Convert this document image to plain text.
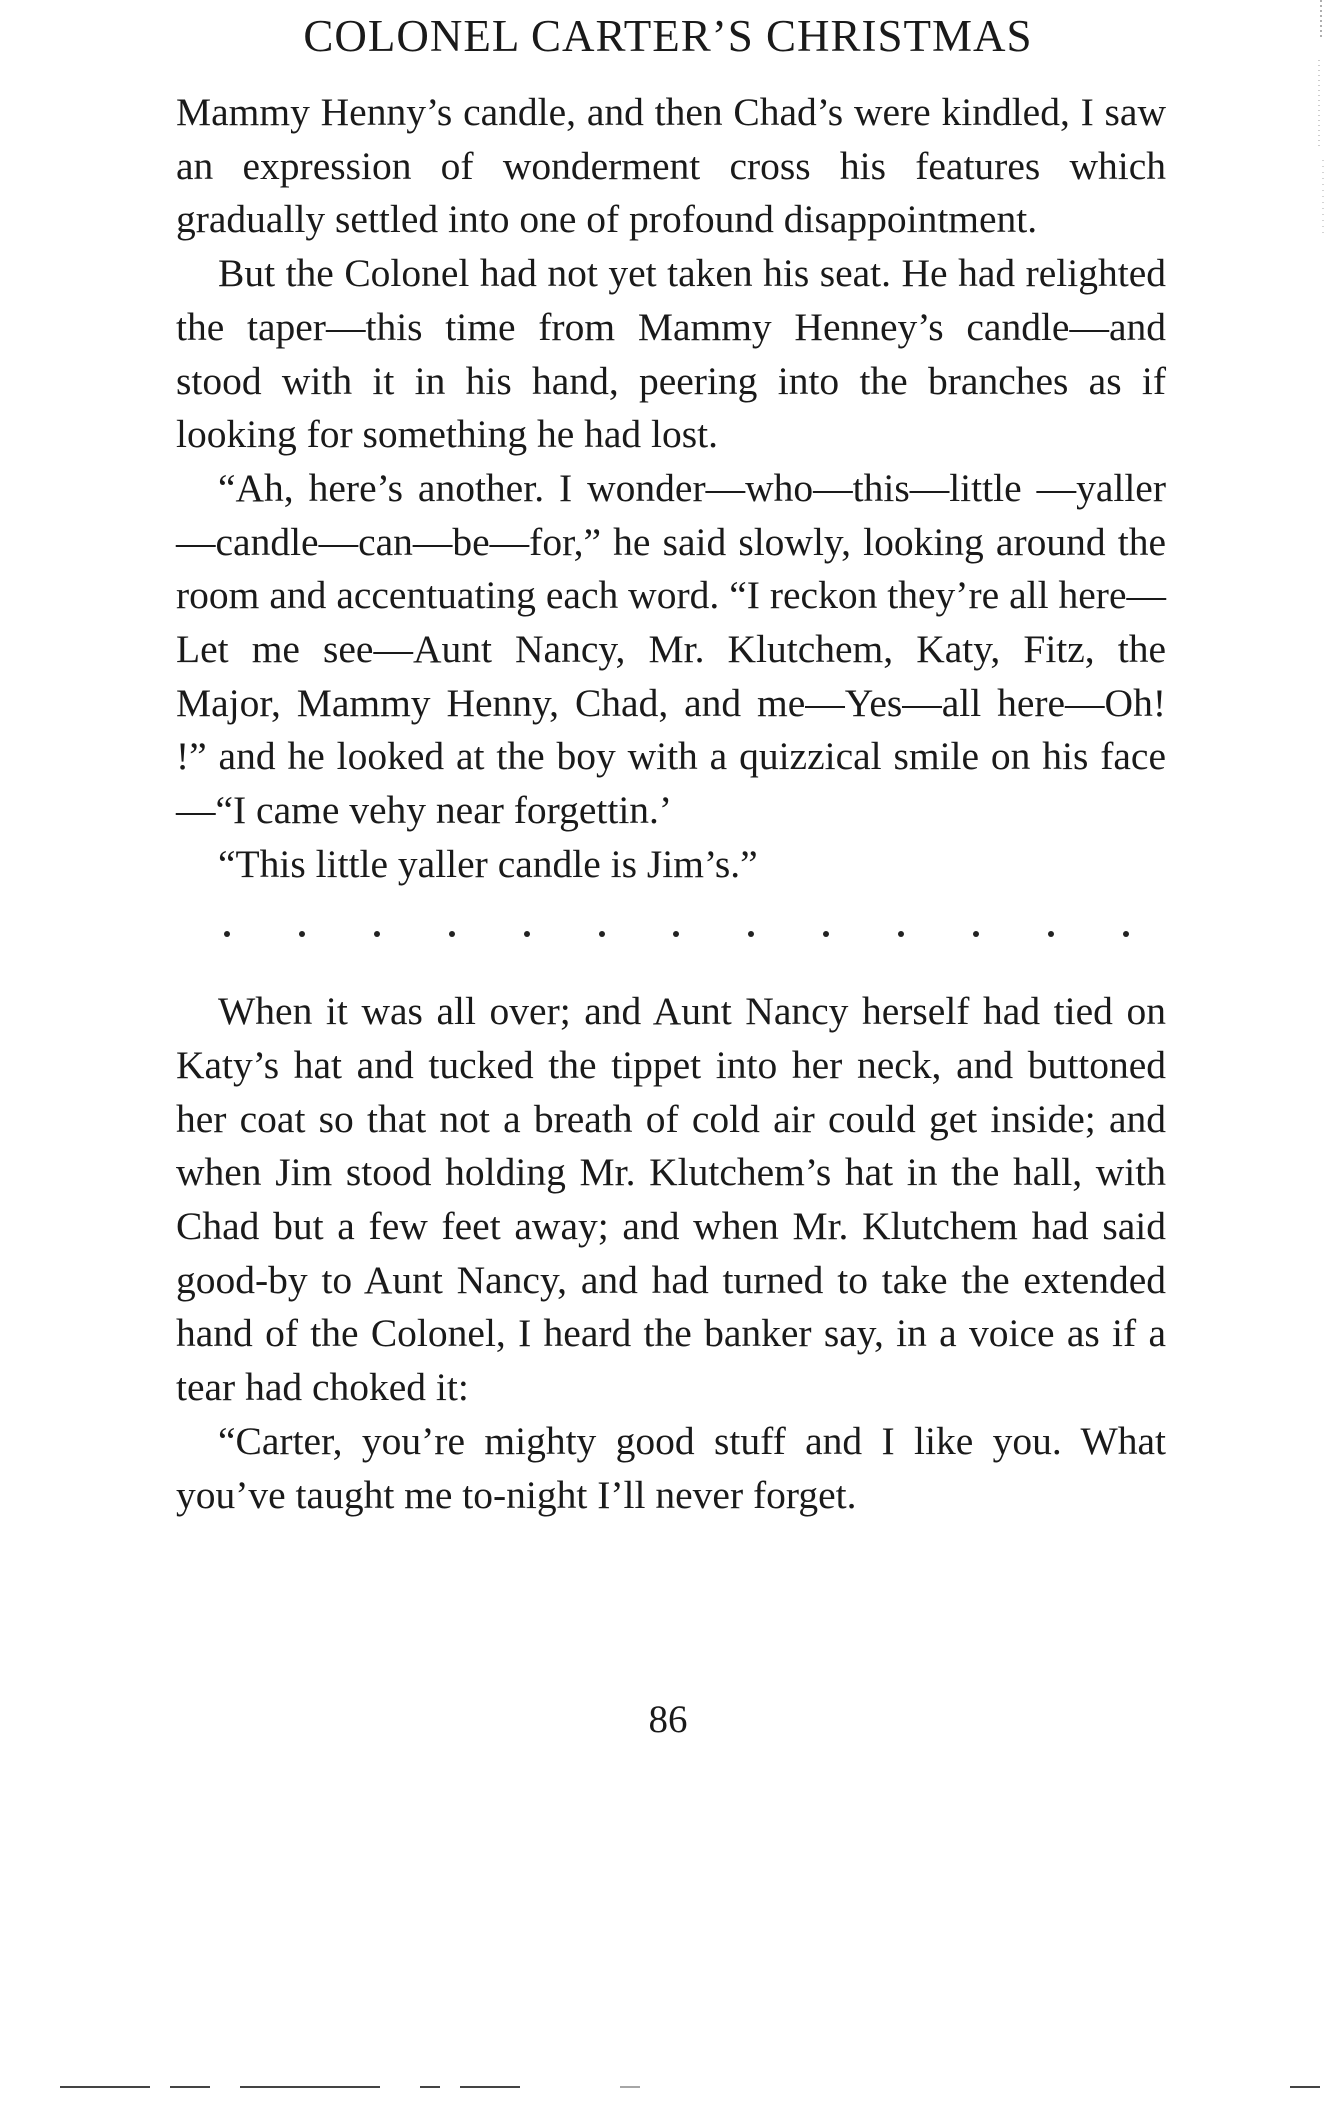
COLONEL CARTER’S CHRISTMAS

Mammy Henny’s candle, and then Chad’s were kindled, I saw an expression of wonderment cross his features which gradually settled into one of profound disappointment.

But the Colonel had not yet taken his seat. He had relighted the taper—this time from Mammy Henney’s candle—and stood with it in his hand, peering into the branches as if looking for something he had lost.

“Ah, here’s another. I wonder—who—this—little —yaller—candle—can—be—for,” he said slowly, looking around the room and accentuating each word. “I reckon they’re all here—Let me see—Aunt Nancy, Mr. Klutchem, Katy, Fitz, the Major, Mammy Henny, Chad, and me—Yes—all here—Oh! !” and he looked at the boy with a quizzical smile on his face—“I came vehy near forgettin.’

“This little yaller candle is Jim’s.”

When it was all over; and Aunt Nancy herself had tied on Katy’s hat and tucked the tippet into her neck, and buttoned her coat so that not a breath of cold air could get inside; and when Jim stood holding Mr. Klutchem’s hat in the hall, with Chad but a few feet away; and when Mr. Klutchem had said good-by to Aunt Nancy, and had turned to take the extended hand of the Colonel, I heard the banker say, in a voice as if a tear had choked it:

“Carter, you’re mighty good stuff and I like you. What you’ve taught me to-night I’ll never forget.

86
